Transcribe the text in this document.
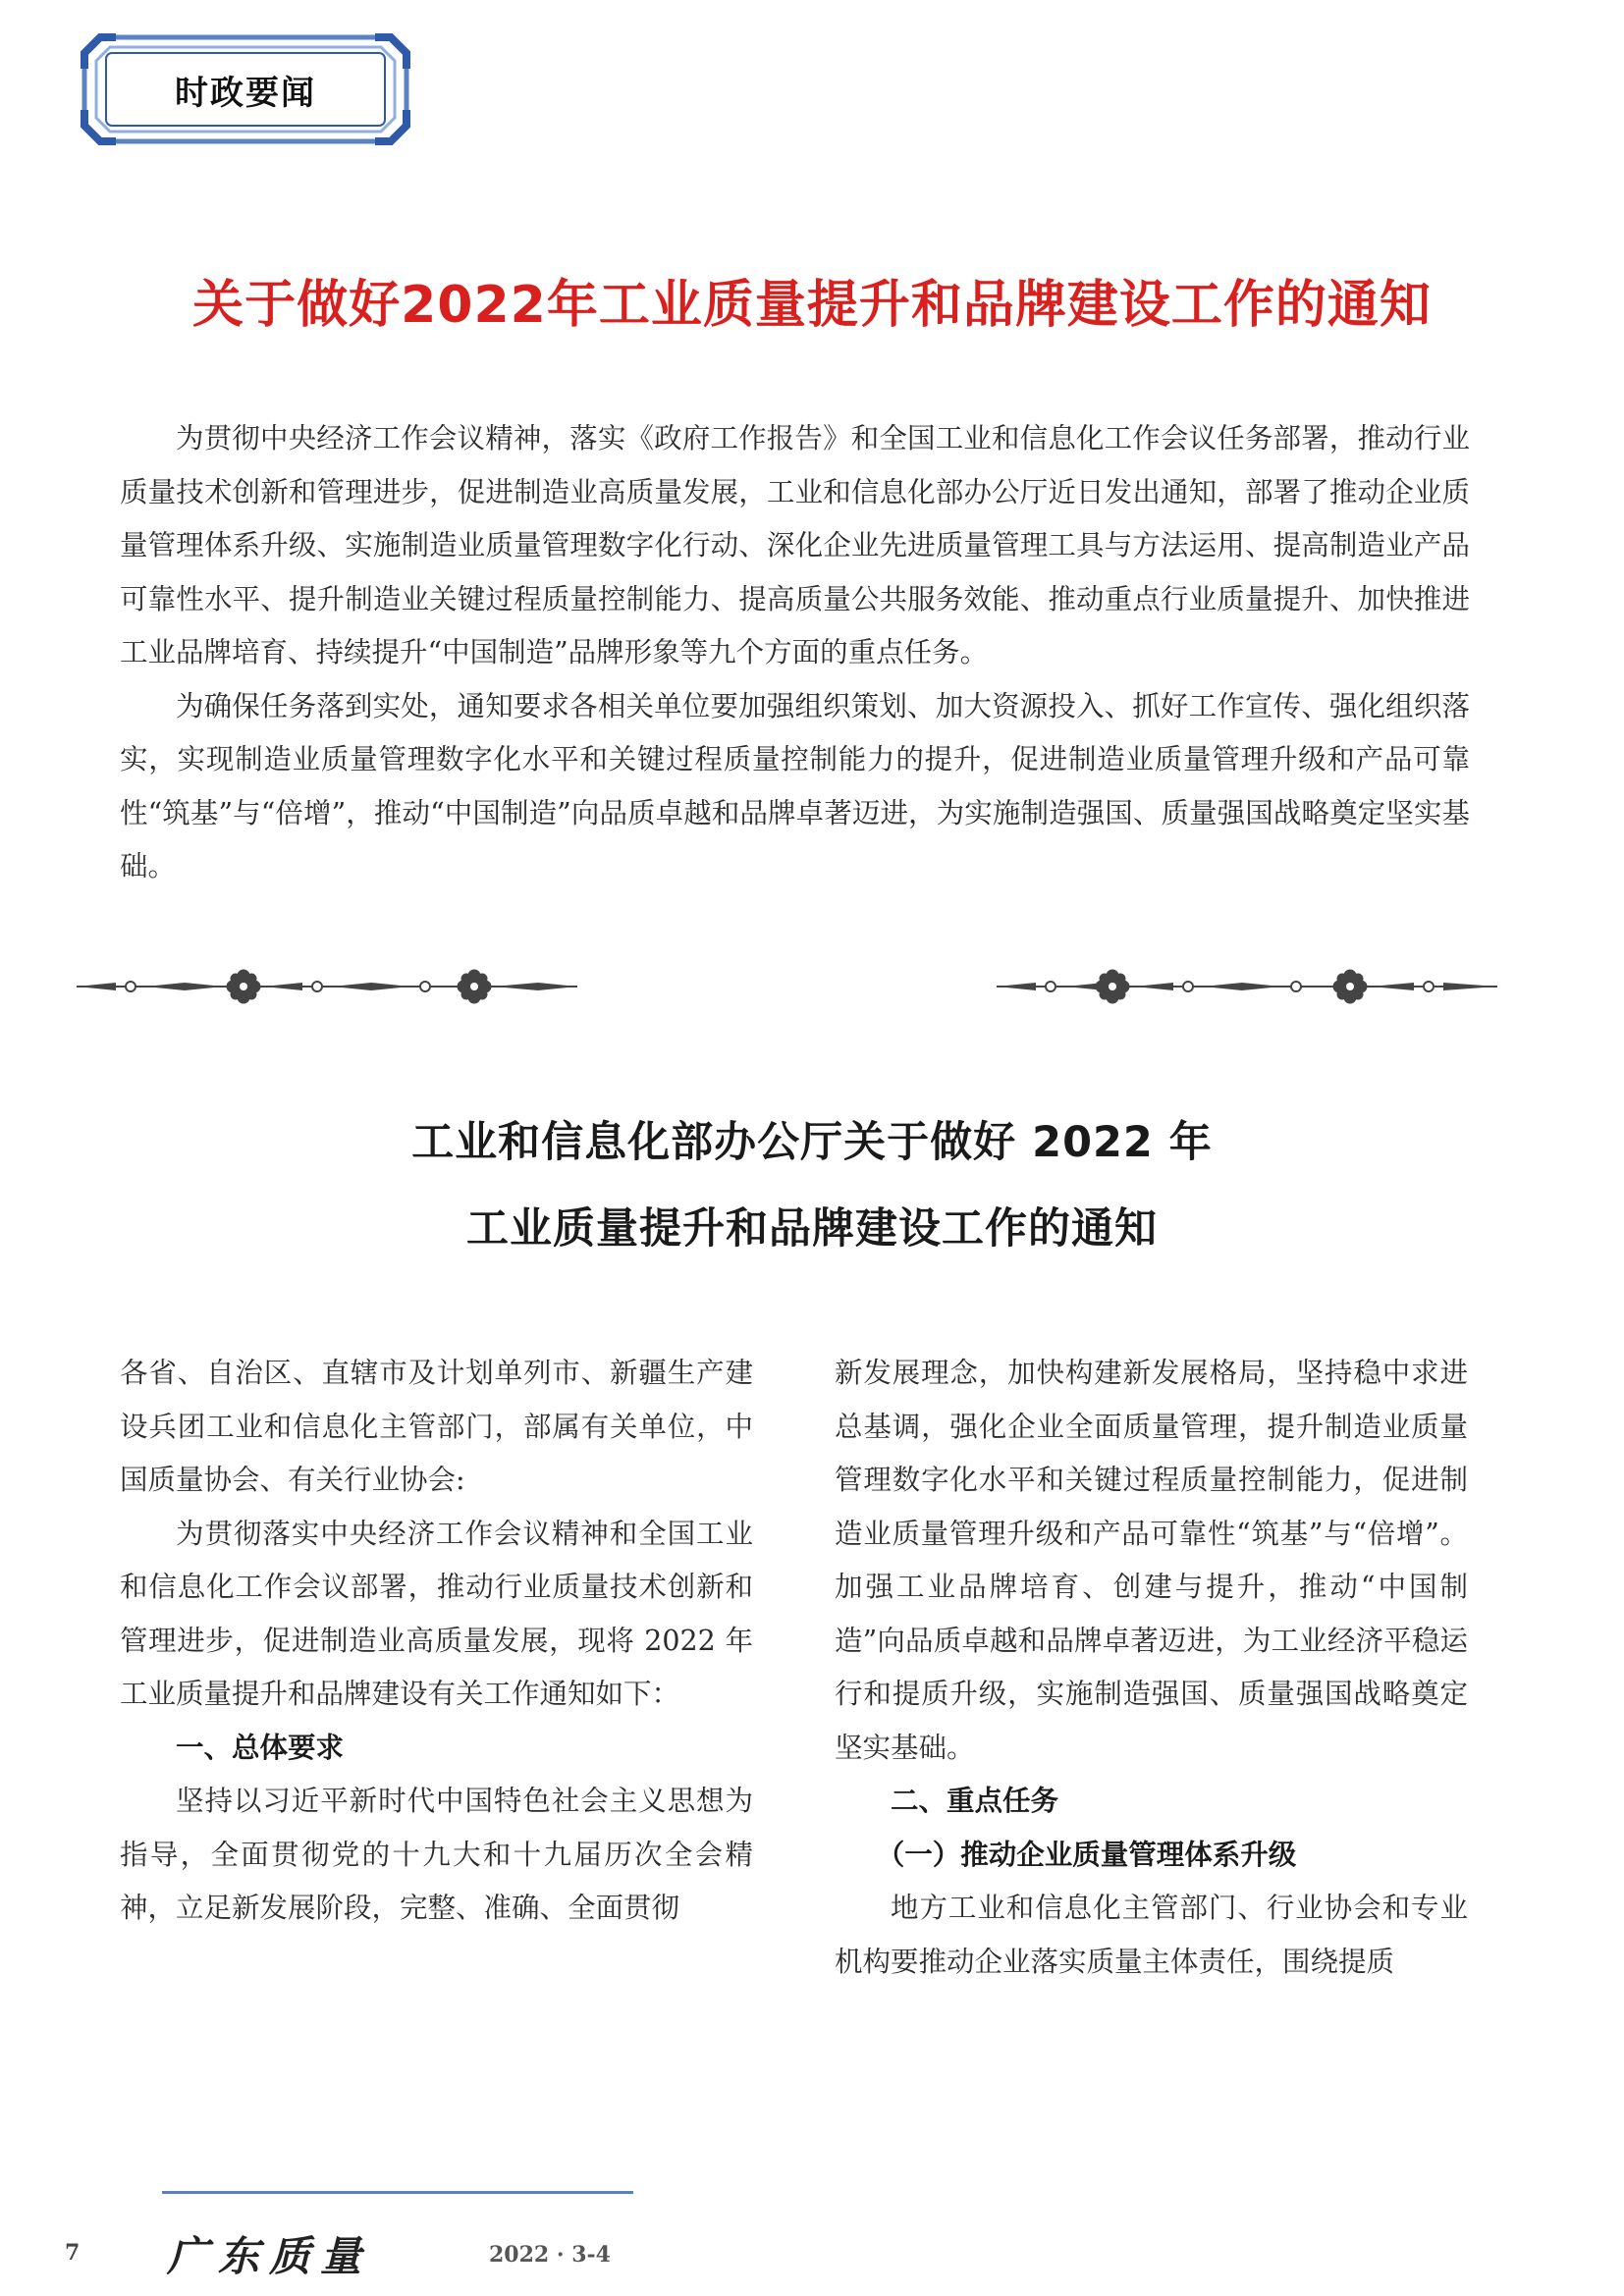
时政要闻
关于做好2022年工业质量提升和品牌建设工作的通知

为贯彻中央经济工作会议精神，落实《政府工作报告》和全国工业和信息化工作会议任务部署，推动行业质量技术创新和管理进步，促进制造业高质量发展，工业和信息化部办公厅近日发出通知，部署了推动企业质量管理体系升级、实施制造业质量管理数字化行动、深化企业先进质量管理工具与方法运用、提高制造业产品可靠性水平、提升制造业关键过程质量控制能力、提高质量公共服务效能、推动重点行业质量提升、加快推进工业品牌培育、持续提升“中国制造”品牌形象等九个方面的重点任务。

为确保任务落到实处，通知要求各相关单位要加强组织策划、加大资源投入、抓好工作宣传、强化组织落实，实现制造业质量管理数字化水平和关键过程质量控制能力的提升，促进制造业质量管理升级和产品可靠性“筑基”与“倍增”，推动“中国制造”向品质卓越和品牌卓著迈进，为实施制造强国、质量强国战略奠定坚实基础。

工业和信息化部办公厅关于做好 2022 年
工业质量提升和品牌建设工作的通知

各省、自治区、直辖市及计划单列市、新疆生产建设兵团工业和信息化主管部门，部属有关单位，中国质量协会、有关行业协会:

为贯彻落实中央经济工作会议精神和全国工业和信息化工作会议部署，推动行业质量技术创新和管理进步，促进制造业高质量发展，现将 2022 年工业质量提升和品牌建设有关工作通知如下：

一、总体要求

坚持以习近平新时代中国特色社会主义思想为指导，全面贯彻党的十九大和十九届历次全会精神，立足新发展阶段，完整、准确、全面贯彻

新发展理念，加快构建新发展格局，坚持稳中求进总基调，强化企业全面质量管理，提升制造业质量管理数字化水平和关键过程质量控制能力，促进制造业质量管理升级和产品可靠性“筑基”与“倍增”。加强工业品牌培育、创建与提升，推动“中国制造”向品质卓越和品牌卓著迈进，为工业经济平稳运行和提质升级，实施制造强国、质量强国战略奠定坚实基础。

二、重点任务

（一）推动企业质量管理体系升级

地方工业和信息化主管部门、行业协会和专业机构要推动企业落实质量主体责任，围绕提质

7 广东质量	2022 · 3-4
